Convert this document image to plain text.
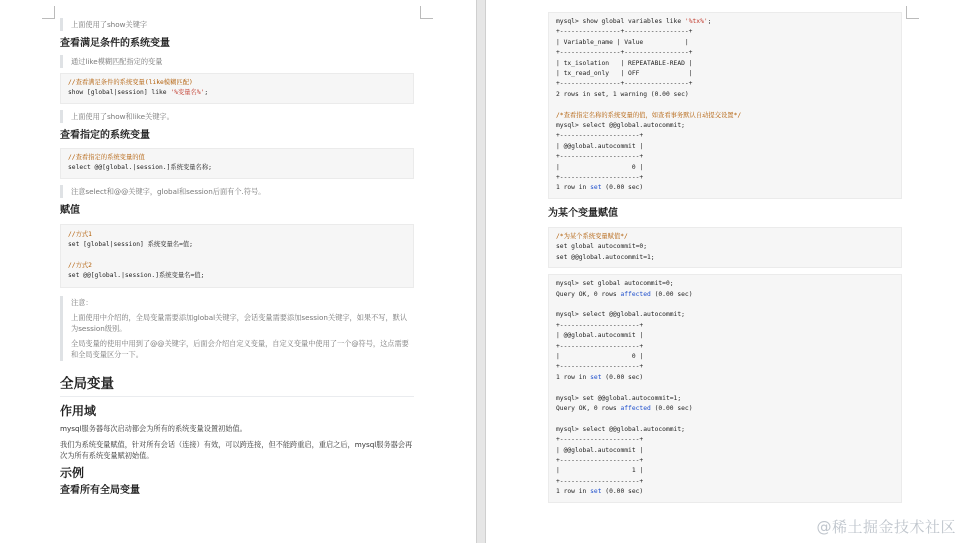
上面使用了show关键字
查看满足条件的系统变量
通过like模糊匹配指定的变量
//查看满足条件的系统变量(like模糊匹配)
show [global|session] like '%变量名%';
上面使用了show和like关键字。
查看指定的系统变量
//查看指定的系统变量的值
select @@[global.|session.]系统变量名称;
注意select和@@关键字，global和session后面有个.符号。
赋值
//方式1
set [global|session] 系统变量名=值;
//方式2
set @@[global.|session.]系统变量名=值;
注意：
上面使用中介绍的，全局变量需要添加global关键字，会话变量需要添加session关键字，如果不写，默认为session级别。
全局变量的使用中用到了@@关键字，后面会介绍自定义变量，自定义变量中使用了一个@符号，这点需要和全局变量区分一下。
全局变量
作用域
mysql服务器每次启动都会为所有的系统变量设置初始值。
我们为系统变量赋值，针对所有会话（连接）有效，可以跨连接，但不能跨重启，重启之后，mysql服务器会再次为所有系统变量赋初始值。
示例
查看所有全局变量
mysql> show global variables like '%tx%';
+----------------+-----------------+
| Variable_name | Value           |
+----------------+-----------------+
| tx_isolation   | REPEATABLE-READ |
| tx_read_only   | OFF             |
+----------------+-----------------+
2 rows in set, 1 warning (0.00 sec)
/*查看指定名称的系统变量的值，如查看事务默认自动提交设置*/
mysql> select @@global.autocommit;
+---------------------+
| @@global.autocommit |
+---------------------+
|                   0 |
+---------------------+
1 row in set (0.00 sec)
为某个变量赋值
/*为某个系统变量赋值*/
set global autocommit=0;
set @@global.autocommit=1;
mysql> set global autocommit=0;
Query OK, 0 rows affected (0.00 sec)
mysql> select @@global.autocommit;
+---------------------+
| @@global.autocommit |
+---------------------+
|                   0 |
+---------------------+
1 row in set (0.00 sec)
mysql> set @@global.autocommit=1;
Query OK, 0 rows affected (0.00 sec)
mysql> select @@global.autocommit;
+---------------------+
| @@global.autocommit |
+---------------------+
|                   1 |
+---------------------+
1 row in set (0.00 sec)
@稀土掘金技术社区
